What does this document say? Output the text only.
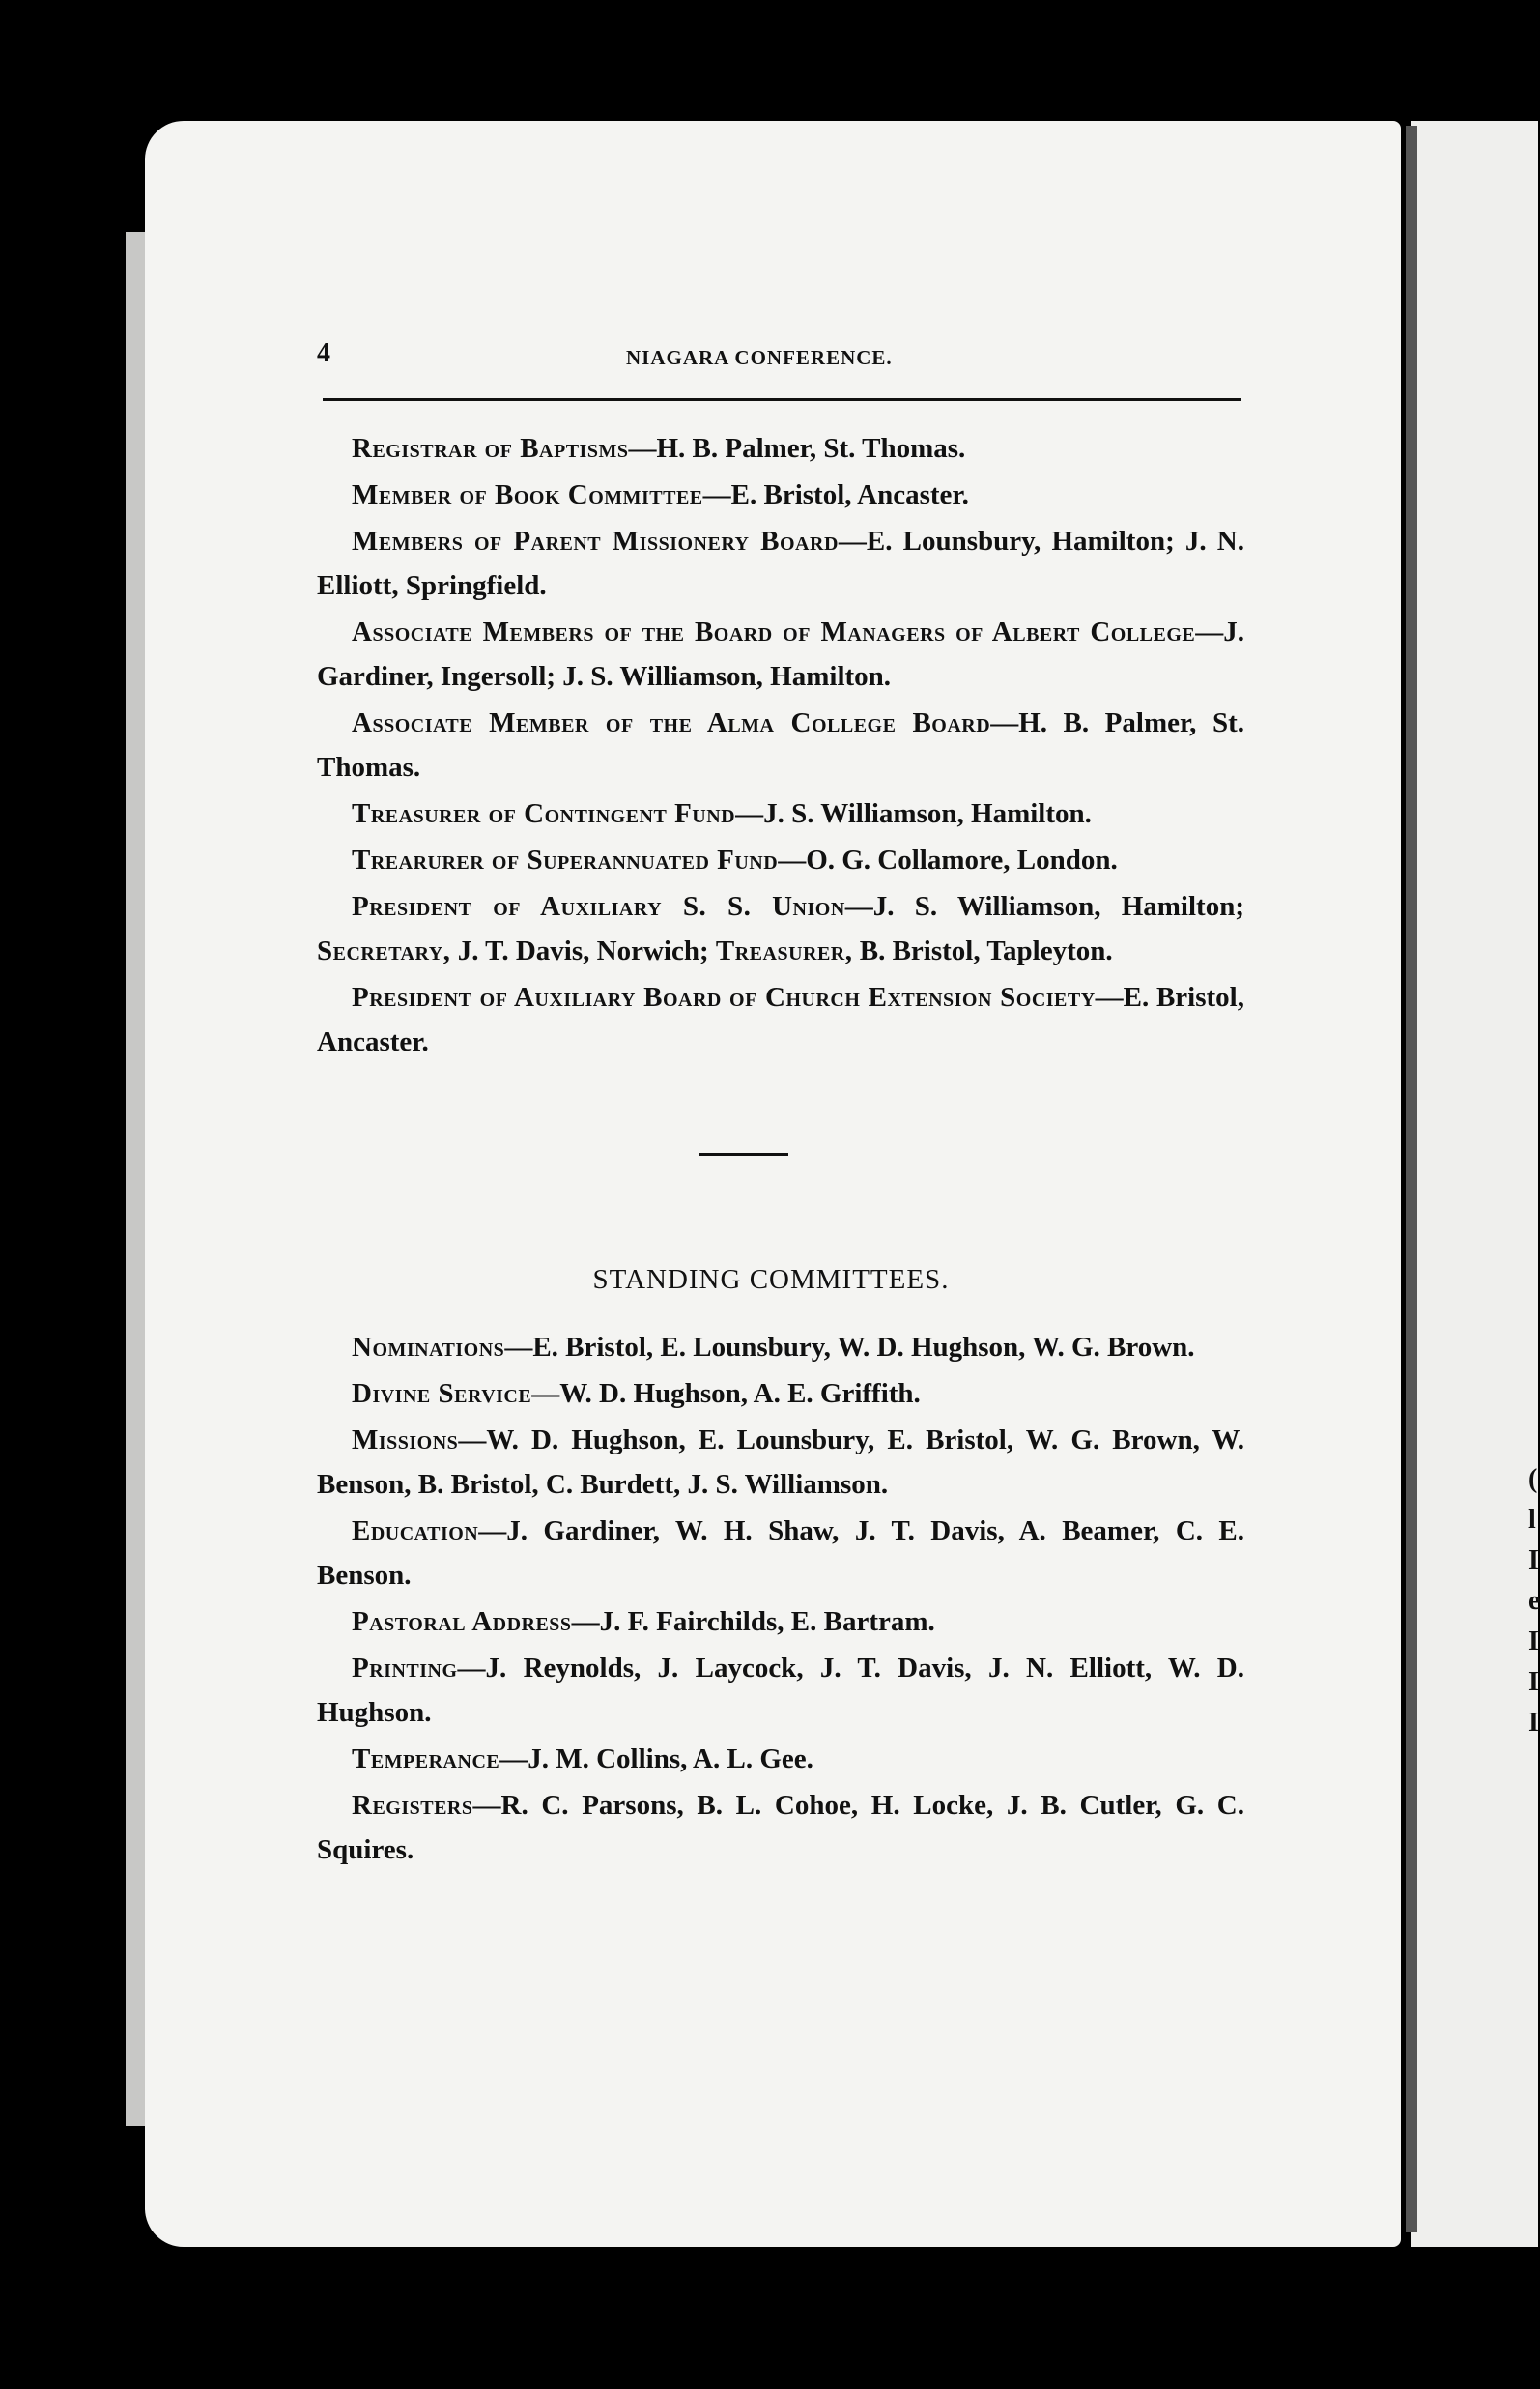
4	NIAGARA CONFERENCE.

Registrar of Baptisms—H. B. Palmer, St. Thomas.

Member of Book Committee—E. Bristol, Ancaster.

Members of Parent Missionery Board—E. Lounsbury, Hamilton; J. N. Elliott, Springfield.

Associate Members of the Board of Managers of Albert College—J. Gardiner, Ingersoll; J. S. Williamson, Hamilton.

Associate Member of the Alma College Board—H. B. Palmer, St. Thomas.

Treasurer of Contingent Fund—J. S. Williamson, Hamilton.

Trearurer of Superannuated Fund—O. G. Collamore, London.

President of Auxiliary S. S. Union—J. S. Williamson, Hamilton; Secretary, J. T. Davis, Norwich; Treasurer, B. Bristol, Tapleyton.

President of Auxiliary Board of Church Extension Society—E. Bristol, Ancaster.

STANDING COMMITTEES.

Nominations—E. Bristol, E. Lounsbury, W. D. Hughson, W. G. Brown.

Divine Service—W. D. Hughson, A. E. Griffith.

Missions—W. D. Hughson, E. Lounsbury, E. Bristol, W. G. Brown, W. Benson, B. Bristol, C. Burdett, J. S. Williamson.

Education—J. Gardiner, W. H. Shaw, J. T. Davis, A. Beamer, C. E. Benson.

Pastoral Address—J. F. Fairchilds, E. Bartram.

Printing—J. Reynolds, J. Laycock, J. T. Davis, J. N. Elliott, W. D. Hughson.

Temperance—J. M. Collins, A. L. Gee.

Registers—R. C. Parsons, B. L. Cohoe, H. Locke, J. B. Cutler, G. C. Squires.

(
l
I
e
I
I
I
